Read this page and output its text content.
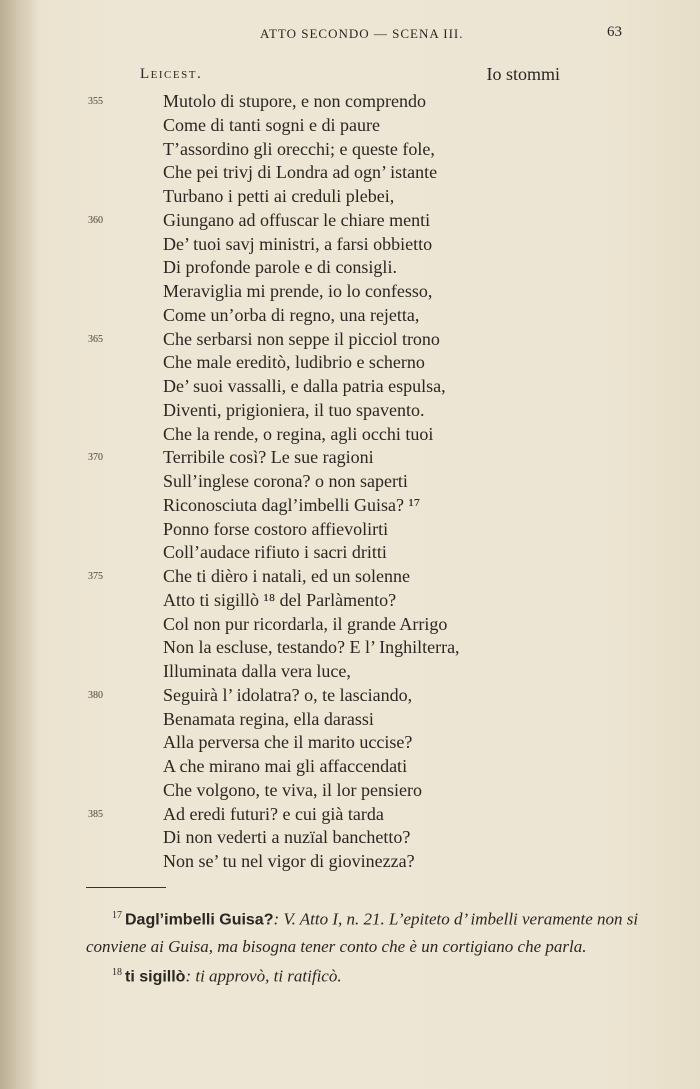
ATTO SECONDO — SCENA III.	63
Leicest.	Io stommi
355	Mutolo di stupore, e non comprendo
Come di tanti sogni e di paure
T’assordino gli orecchi; e queste fole,
Che pei trivj di Londra ad ogn’ istante
Turbano i petti ai creduli plebei,
360	Giungano ad offuscar le chiare menti
De’ tuoi savj ministri, a farsi obbietto
Di profonde parole e di consigli.
Meraviglia mi prende, io lo confesso,
Come un’orba di regno, una rejetta,
365	Che serbarsi non seppe il picciol trono
Che male ereditò, ludibrio e scherno
De’ suoi vassalli, e dalla patria espulsa,
Diventi, prigioniera, il tuo spavento.
Che la rende, o regina, agli occhi tuoi
370	Terribile così? Le sue ragioni
Sull’inglese corona? o non saperti
Riconosciuta dagl’imbelli Guisa? ¹⁷
Ponno forse costoro affievolirti
Coll’audace rifiuto i sacri dritti
375	Che ti dièro i natali, ed un solenne
Atto ti sigillò ¹⁸ del Parlàmento?
Col non pur ricordarla, il grande Arrigo
Non la escluse, testando? E l’ Inghilterra,
Illuminata dalla vera luce,
380	Seguirà l’ idolatra? o, te lasciando,
Benamata regina, ella darassi
Alla perversa che il marito uccise?
A che mirano mai gli affaccendati
Che volgono, te viva, il lor pensiero
385	Ad eredi futuri? e cui già tarda
Di non vederti a nuzïal banchetto?
Non se’ tu nel vigor di giovinezza?

$^{17}$ Dagl’imbelli Guisa?: V. Atto I, n. 21. L’epiteto d’ imbelli veramente non si conviene ai Guisa, ma bisogna tener conto che è un cortigiano che parla.

$^{18}$ ti sigillò: ti approvò, ti ratificò.
